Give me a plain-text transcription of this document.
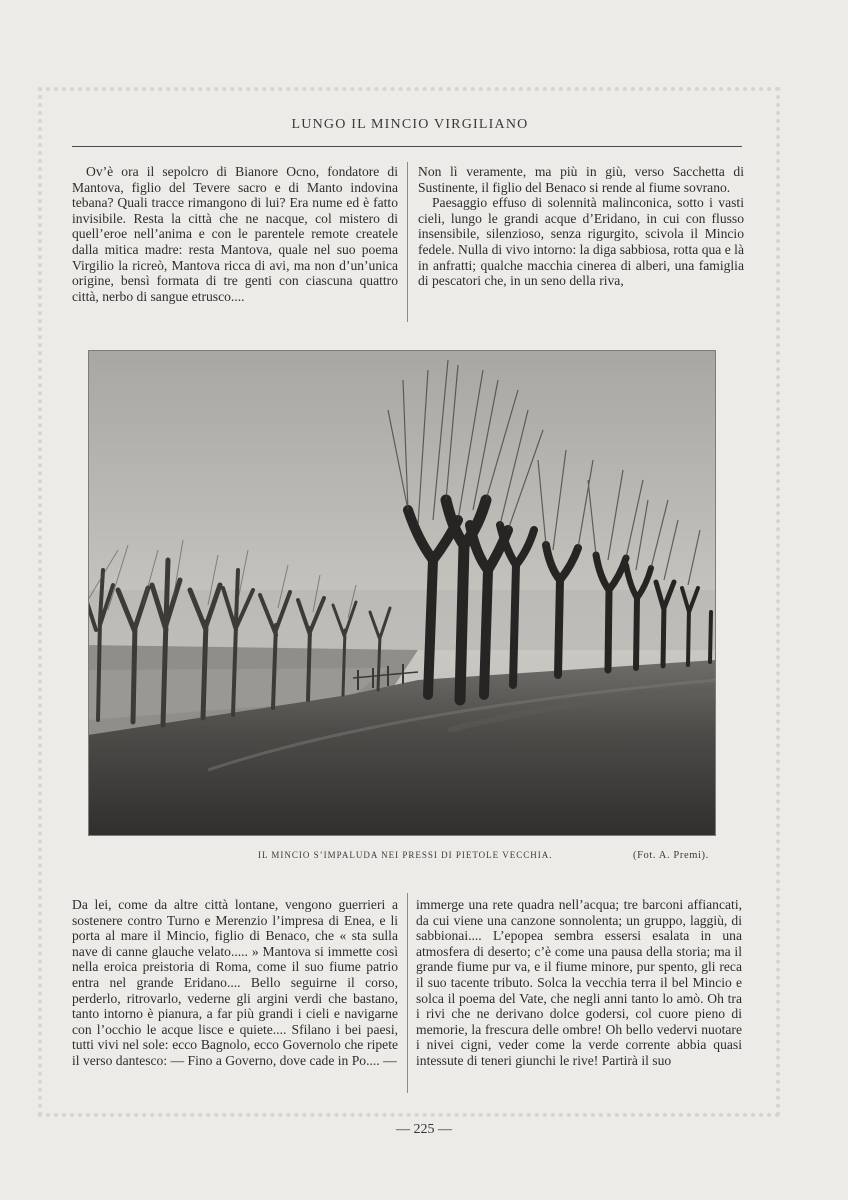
LUNGO IL MINCIO VIRGILIANO

Ov’è ora il sepolcro di Bianore Ocno, fondatore di Mantova, figlio del Tevere sacro e di Manto indovina tebana? Quali tracce rimangono di lui? Era nume ed è fatto invisibile. Resta la città che ne nacque, col mistero di quell’eroe nell’anima e con le parentele remote createle dalla mitica madre: resta Mantova, quale nel suo poema Virgilio la ricreò, Mantova ricca di avi, ma non d’un’unica origine, bensì formata di tre genti con ciascuna quattro città, nerbo di sangue etrusco....

Non lì veramente, ma più in giù, verso Sacchetta di Sustinente, il figlio del Benaco si rende al fiume sovrano.

Paesaggio effuso di solennità malinconica, sotto i vasti cieli, lungo le grandi acque d’Eridano, in cui con flusso insensibile, silenzioso, senza rigurgito, scivola il Mincio fedele. Nulla di vivo intorno: la diga sabbiosa, rotta qua e là in anfratti; qualche macchia cinerea di alberi, una famiglia di pescatori che, in un seno della riva,

IL MINCIO S’IMPALUDA NEI PRESSI DI PIETOLE VECCHIA.	(Fot. A. Premi).

Da lei, come da altre città lontane, vengono guerrieri a sostenere contro Turno e Merenzio l’impresa di Enea, e li porta al mare il Mincio, figlio di Benaco, che « sta sulla nave di canne glauche velato..... » Mantova si immette così nella eroica preistoria di Roma, come il suo fiume patrio entra nel grande Eridano.... Bello seguirne il corso, perderlo, ritrovarlo, vederne gli argini verdi che bastano, tanto intorno è pianura, a far più grandi i cieli e navigarne con l’occhio le acque lisce e quiete.... Sfilano i bei paesi, tutti vivi nel sole: ecco Bagnolo, ecco Governolo che ripete il verso dantesco: — Fino a Governo, dove cade in Po.... —

immerge una rete quadra nell’acqua; tre barconi affiancati, da cui viene una canzone sonnolenta; un gruppo, laggiù, di sabbionai.... L’epopea sembra essersi esalata in una atmosfera di deserto; c’è come una pausa della storia; ma il grande fiume pur va, e il fiume minore, pur spento, gli reca il suo tacente tributo. Solca la vecchia terra il bel Mincio e solca il poema del Vate, che negli anni tanto lo amò. Oh tra i rivi che ne derivano dolce godersi, col cuore pieno di memorie, la frescura delle ombre! Oh bello vedervi nuotare i nivei cigni, veder come la verde corrente abbia quasi intessute di teneri giunchi le rive! Partirà il suo

— 225 —
